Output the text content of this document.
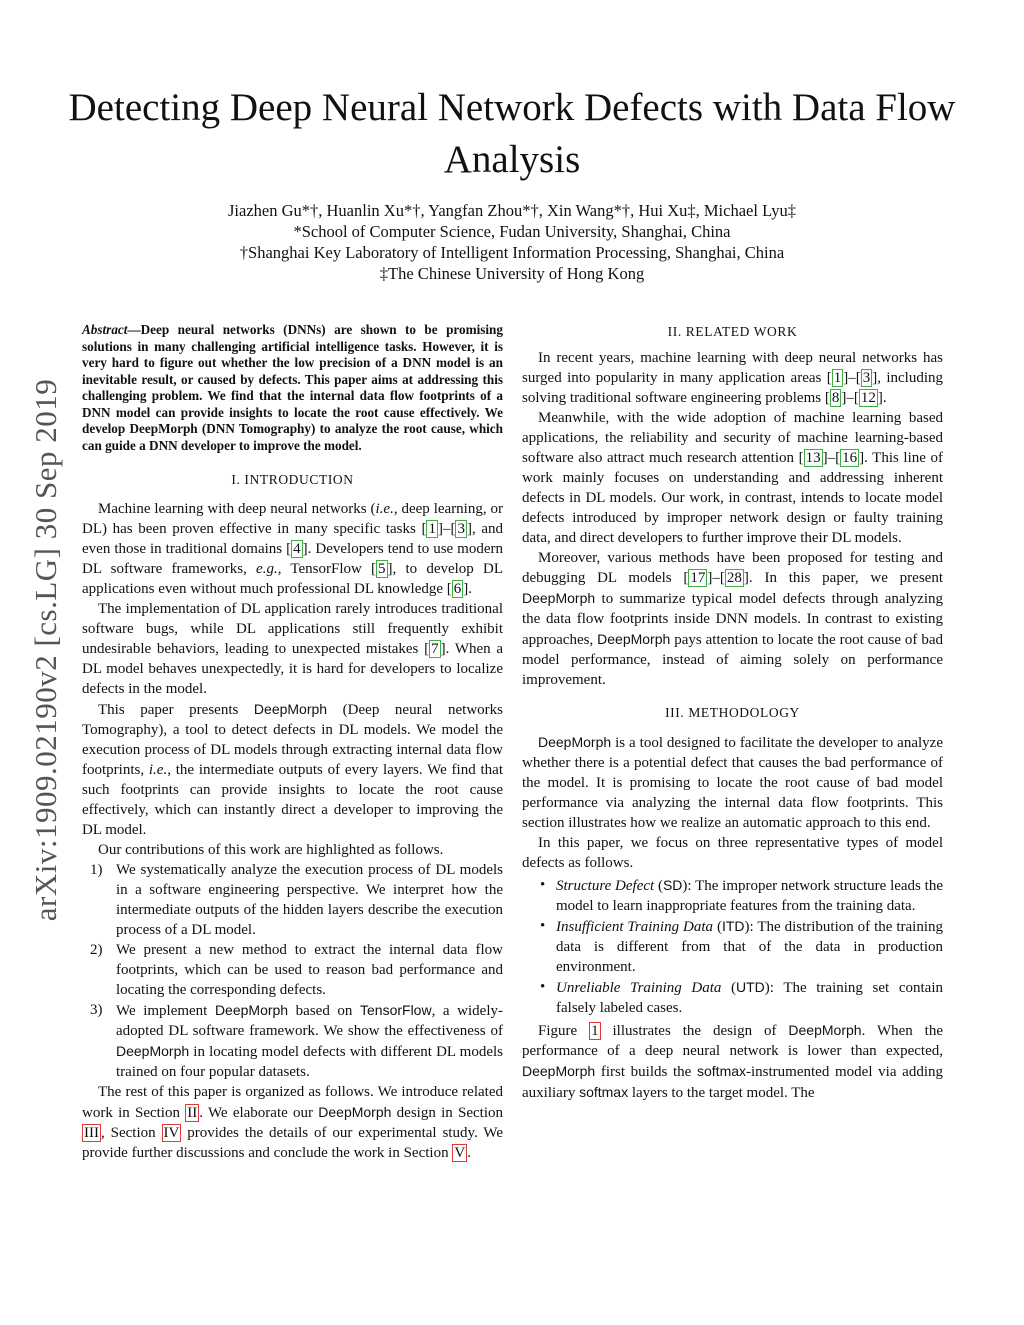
Detecting Deep Neural Network Defects with Data Flow Analysis
Jiazhen Gu*†, Huanlin Xu*†, Yangfan Zhou*†, Xin Wang*†, Hui Xu‡, Michael Lyu‡
*School of Computer Science, Fudan University, Shanghai, China
†Shanghai Key Laboratory of Intelligent Information Processing, Shanghai, China
‡The Chinese University of Hong Kong
arXiv:1909.02190v2 [cs.LG] 30 Sep 2019

Abstract—Deep neural networks (DNNs) are shown to be promising solutions in many challenging artificial intelligence tasks. However, it is very hard to figure out whether the low precision of a DNN model is an inevitable result, or caused by defects. This paper aims at addressing this challenging problem. We find that the internal data flow footprints of a DNN model can provide insights to locate the root cause effectively. We develop DeepMorph (DNN Tomography) to analyze the root cause, which can guide a DNN developer to improve the model.

I. INTRODUCTION

Machine learning with deep neural networks (i.e., deep learning, or DL) has been proven effective in many specific tasks [ 1 ]–[ 3 ], and even those in traditional domains [ 4 ]. Developers tend to use modern DL software frameworks, e.g., TensorFlow [ 5 ], to develop DL applications even without much professional DL knowledge [ 6 ].

The implementation of DL application rarely introduces traditional software bugs, while DL applications still frequently exhibit undesirable behaviors, leading to unexpected mistakes [ 7 ]. When a DL model behaves unexpectedly, it is hard for developers to localize defects in the model.

This paper presents DeepMorph (Deep neural networks Tomography), a tool to detect defects in DL models. We model the execution process of DL models through extracting internal data flow footprints, i.e., the intermediate outputs of every layers. We find that such footprints can provide insights to locate the root cause effectively, which can instantly direct a developer to improving the DL model.

Our contributions of this work are highlighted as follows.

1) We systematically analyze the execution process of DL models in a software engineering perspective. We interpret how the intermediate outputs of the hidden layers describe the execution process of a DL model.
2) We present a new method to extract the internal data flow footprints, which can be used to reason bad performance and locating the corresponding defects.
3) We implement DeepMorph based on TensorFlow, a widely-adopted DL software framework. We show the effectiveness of DeepMorph in locating model defects with different DL models trained on four popular datasets.

The rest of this paper is organized as follows. We introduce related work in Section II . We elaborate our DeepMorph design in Section III , Section IV provides the details of our experimental study. We provide further discussions and conclude the work in Section V .

II. RELATED WORK

In recent years, machine learning with deep neural networks has surged into popularity in many application areas [ 1 ]–[ 3 ], including solving traditional software engineering problems [ 8 ]–[ 12 ].

Meanwhile, with the wide adoption of machine learning based applications, the reliability and security of machine learning-based software also attract much research attention [ 13 ]–[ 16 ]. This line of work mainly focuses on understanding and addressing inherent defects in DL models. Our work, in contrast, intends to locate model defects introduced by improper network design or faulty training data, and direct developers to further improve their DL models.

Moreover, various methods have been proposed for testing and debugging DL models [ 17 ]–[ 28 ]. In this paper, we present DeepMorph to summarize typical model defects through analyzing the data flow footprints inside DNN models. In contrast to existing approaches, DeepMorph pays attention to locate the root cause of bad model performance, instead of aiming solely on performance improvement.

III. METHODOLOGY

DeepMorph is a tool designed to facilitate the developer to analyze whether there is a potential defect that causes the bad performance of the model. It is promising to locate the root cause of bad model performance via analyzing the internal data flow footprints. This section illustrates how we realize an automatic approach to this end.

In this paper, we focus on three representative types of model defects as follows.

• Structure Defect (SD): The improper network structure leads the model to learn inappropriate features from the training data.
• Insufficient Training Data (ITD): The distribution of the training data is different from that of the data in production environment.
• Unreliable Training Data (UTD): The training set contain falsely labeled cases.

Figure 1 illustrates the design of DeepMorph. When the performance of a deep neural network is lower than expected, DeepMorph first builds the softmax-instrumented model via adding auxiliary softmax layers to the target model. The
